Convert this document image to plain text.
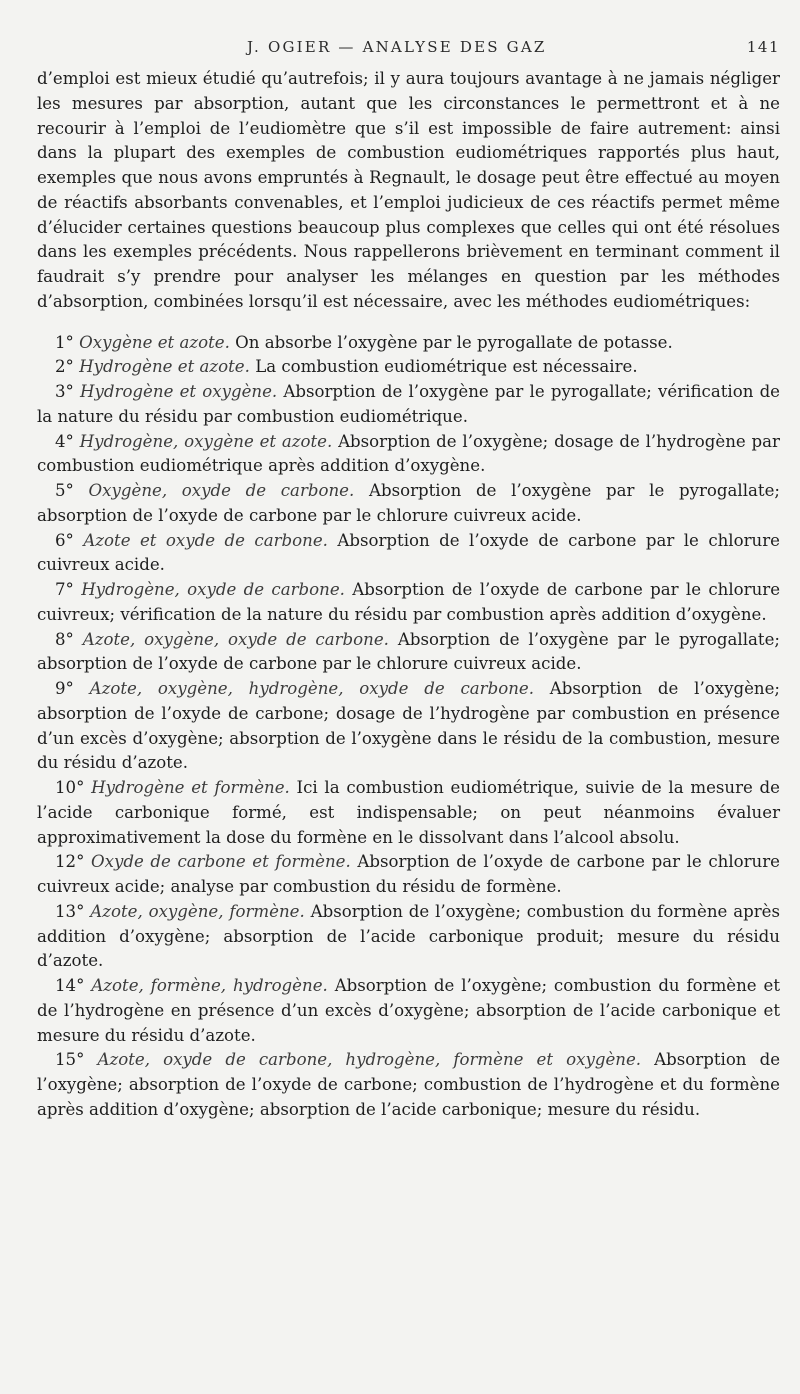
J. OGIER — ANALYSE DES GAZ	141

d’emploi est mieux étudié qu’autrefois; il y aura toujours avantage à ne jamais négliger les mesures par absorption, autant que les circonstances le permettront et à ne recourir à l’emploi de l’eudiomètre que s’il est impossible de faire autrement: ainsi dans la plupart des exemples de combustion eudiométriques rapportés plus haut, exemples que nous avons empruntés à Regnault, le dosage peut être effectué au moyen de réactifs absorbants convenables, et l’emploi judicieux de ces réactifs permet même d’élucider certaines questions beaucoup plus complexes que celles qui ont été résolues dans les exemples précédents. Nous rappellerons brièvement en terminant comment il faudrait s’y prendre pour analyser les mélanges en question par les méthodes d’absorption, combinées lorsqu’il est nécessaire, avec les méthodes eudiométriques:

1° Oxygène et azote. On absorbe l’oxygène par le pyrogallate de potasse.
2° Hydrogène et azote. La combustion eudiométrique est nécessaire.
3° Hydrogène et oxygène. Absorption de l’oxygène par le pyrogallate; vérification de la nature du résidu par combustion eudiométrique.
4° Hydrogène, oxygène et azote. Absorption de l’oxygène; dosage de l’hydrogène par combustion eudiométrique après addition d’oxygène.
5° Oxygène, oxyde de carbone. Absorption de l’oxygène par le pyrogallate; absorption de l’oxyde de carbone par le chlorure cuivreux acide.
6° Azote et oxyde de carbone. Absorption de l’oxyde de carbone par le chlorure cuivreux acide.
7° Hydrogène, oxyde de carbone. Absorption de l’oxyde de carbone par le chlorure cuivreux; vérification de la nature du résidu par combustion après addition d’oxygène.
8° Azote, oxygène, oxyde de carbone. Absorption de l’oxygène par le pyrogallate; absorption de l’oxyde de carbone par le chlorure cuivreux acide.
9° Azote, oxygène, hydrogène, oxyde de carbone. Absorption de l’oxygène; absorption de l’oxyde de carbone; dosage de l’hydrogène par combustion en présence d’un excès d’oxygène; absorption de l’oxygène dans le résidu de la combustion, mesure du résidu d’azote.
10° Hydrogène et formène. Ici la combustion eudiométrique, suivie de la mesure de l’acide carbonique formé, est indispensable; on peut néanmoins évaluer approximativement la dose du formène en le dissolvant dans l’alcool absolu.
12° Oxyde de carbone et formène. Absorption de l’oxyde de carbone par le chlorure cuivreux acide; analyse par combustion du résidu de formène.
13° Azote, oxygène, formène. Absorption de l’oxygène; combustion du formène après addition d’oxygène; absorption de l’acide carbonique produit; mesure du résidu d’azote.
14° Azote, formène, hydrogène. Absorption de l’oxygène; combustion du formène et de l’hydrogène en présence d’un excès d’oxygène; absorption de l’acide carbonique et mesure du résidu d’azote.
15° Azote, oxyde de carbone, hydrogène, formène et oxygène. Absorption de l’oxygène; absorption de l’oxyde de carbone; combustion de l’hydrogène et du formène après addition d’oxygène; absorption de l’acide carbonique; mesure du résidu.
